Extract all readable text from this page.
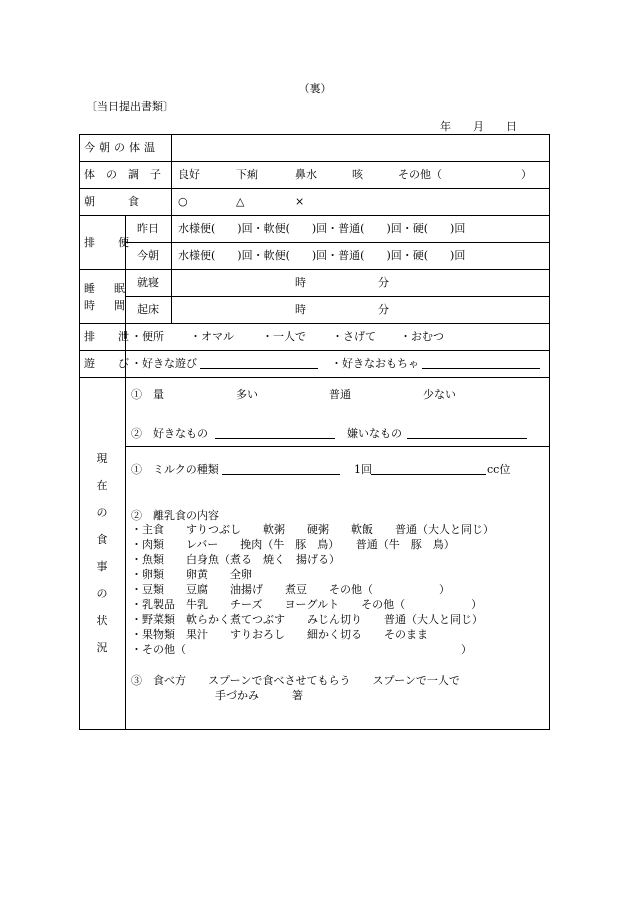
（裏）
〔当日提出書類〕
年　　月　　日
今朝の体温
体の調子 良好	下痢	鼻水	咳	その他（	）
朝　　　食	○	△	×
排　便
昨日 水様便(　　)回・軟便(　　)回・普通(　　)回・硬(　　)回
今朝 水様便(　　)回・軟便(　　)回・普通(　　)回・硬(　　)回
睡　眠
時　間
就寝	時	分
起床	時	分
排　泄
・便所 ・オマル	・一人で ・さげて ・おむつ
遊　び
・好きな遊び	・好きなおもちゃ
現
在
の
食
事
の
状
況
①　量	多い	普通	少ない
②　好きなもの	嫌いなもの
①　ミルクの種類	1回	cc位
②　離乳食の内容
・主食　　すりつぶし　　軟粥　　硬粥　　軟飯　　普通（大人と同じ）
・肉類　　レバー　　挽肉（牛　豚　鳥）　　普通（牛　豚　鳥）
・魚類　　白身魚（煮る　焼く　揚げる）
・卵類　　卵黄　　全卵
・豆類　　豆腐　　油揚げ　　煮豆　　その他（　　　　　　）
・乳製品　牛乳　　チーズ　　ヨーグルト　　その他（　　　　　　）
・野菜類　軟らかく煮てつぶす　　みじん切り　　普通（大人と同じ）
・果物類　果汁　　すりおろし　　細かく切る　　そのまま
・その他（　　　　　　　　　　　　　　　　　　　　　　　　　）
③　食べ方　　スプーンで食べさせてもらう　　スプーンで一人で
手づかみ　　　箸
